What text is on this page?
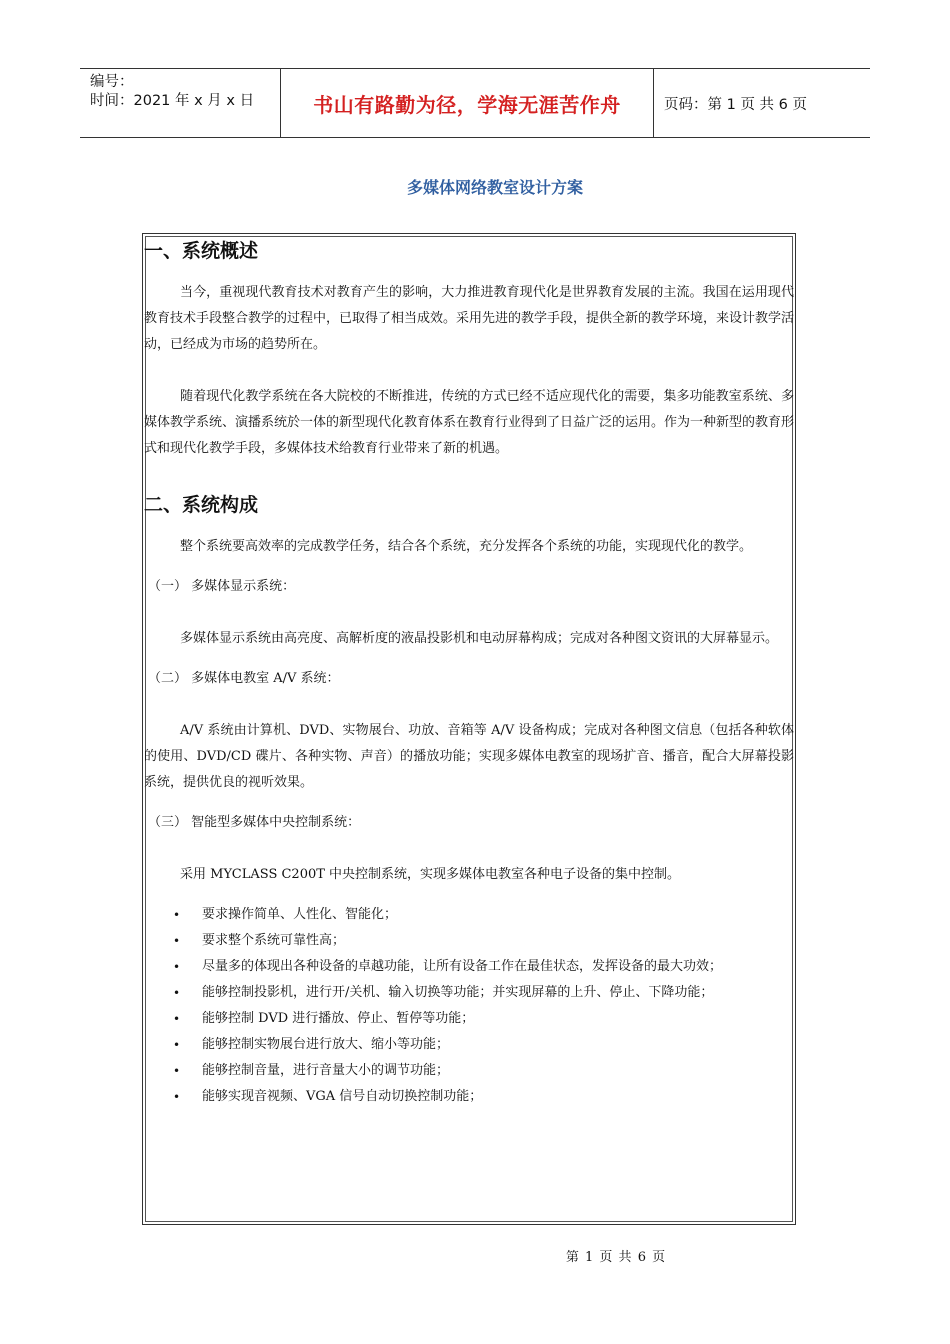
编号：
时间：2021 年 x 月 x 日	书山有路勤为径，学海无涯苦作舟	页码：第 1 页 共 6 页
多媒体网络教室设计方案
一、系统概述

当今，重视现代教育技术对教育产生的影响，大力推进教育现代化是世界教育发展的主流。我国在运用现代教育技术手段整合教学的过程中，已取得了相当成效。采用先进的教学手段，提供全新的教学环境，来设计教学活动，已经成为市场的趋势所在。

随着现代化教学系统在各大院校的不断推进，传统的方式已经不适应现代化的需要，集多功能教室系统、多媒体教学系统、演播系统於一体的新型现代化教育体系在教育行业得到了日益广泛的运用。作为一种新型的教育形式和现代化教学手段，多媒体技术给教育行业带来了新的机遇。

二、系统构成

整个系统要高效率的完成教学任务，结合各个系统，充分发挥各个系统的功能，实现现代化的教学。

（一） 多媒体显示系统：

多媒体显示系统由高亮度、高解析度的液晶投影机和电动屏幕构成；完成对各种图文资讯的大屏幕显示。

（二） 多媒体电教室 A/V 系统：

A/V 系统由计算机、DVD、实物展台、功放、音箱等 A/V 设备构成；完成对各种图文信息（包括各种软体的使用、DVD/CD 碟片、各种实物、声音）的播放功能；实现多媒体电教室的现场扩音、播音，配合大屏幕投影系统，提供优良的视听效果。

（三） 智能型多媒体中央控制系统：

采用 MYCLASS C200T 中央控制系统，实现多媒体电教室各种电子设备的集中控制。

• 要求操作简单、人性化、智能化；
• 要求整个系统可靠性高；
• 尽量多的体现出各种设备的卓越功能，让所有设备工作在最佳状态，发挥设备的最大功效；
• 能够控制投影机，进行开/关机、输入切换等功能；并实现屏幕的上升、停止、下降功能；
• 能够控制 DVD 进行播放、停止、暂停等功能；
• 能够控制实物展台进行放大、缩小等功能；
• 能够控制音量，进行音量大小的调节功能；
• 能够实现音视频、VGA 信号自动切换控制功能；
第 1 页 共 6 页
